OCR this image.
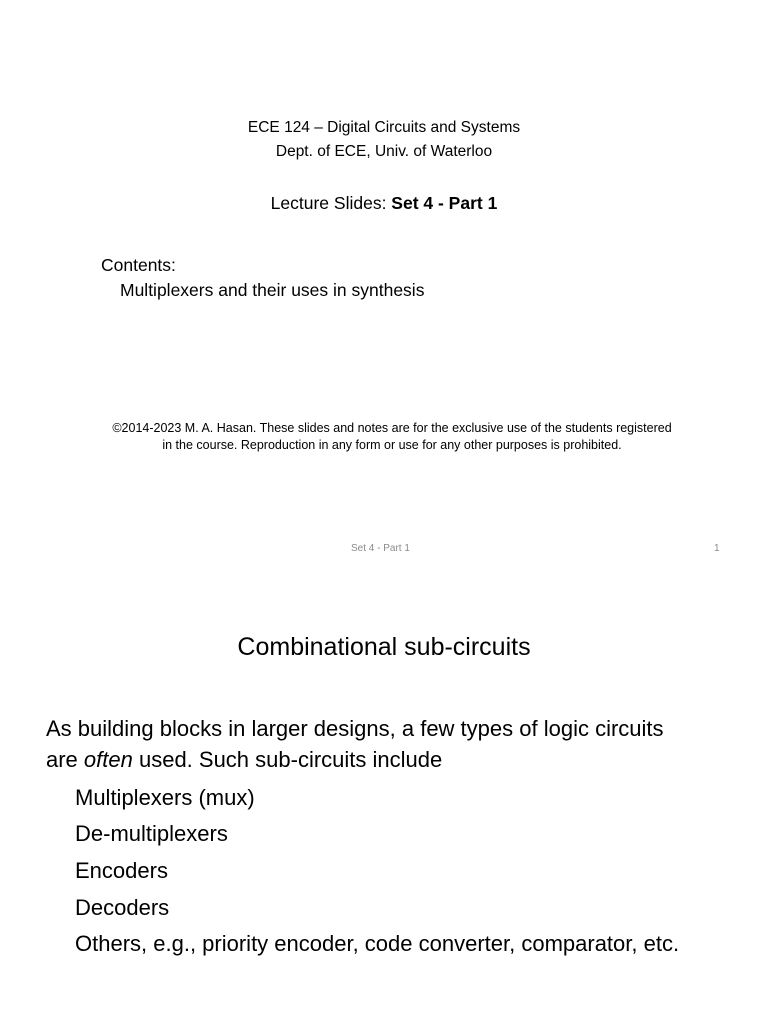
ECE 124 – Digital Circuits and Systems
Dept. of ECE, Univ. of Waterloo
Lecture Slides: Set 4 - Part 1
Contents:
Multiplexers and their uses in synthesis
©2014-2023 M. A. Hasan. These slides and notes are for the exclusive use of the students registered
in the course. Reproduction in any form or use for any other purposes is prohibited.
Set 4 - Part 1	1
Combinational sub-circuits
As building blocks in larger designs, a few types of logic circuits
are often used. Such sub-circuits include
Multiplexers (mux)
De-multiplexers
Encoders
Decoders
Others, e.g., priority encoder, code converter, comparator, etc.
